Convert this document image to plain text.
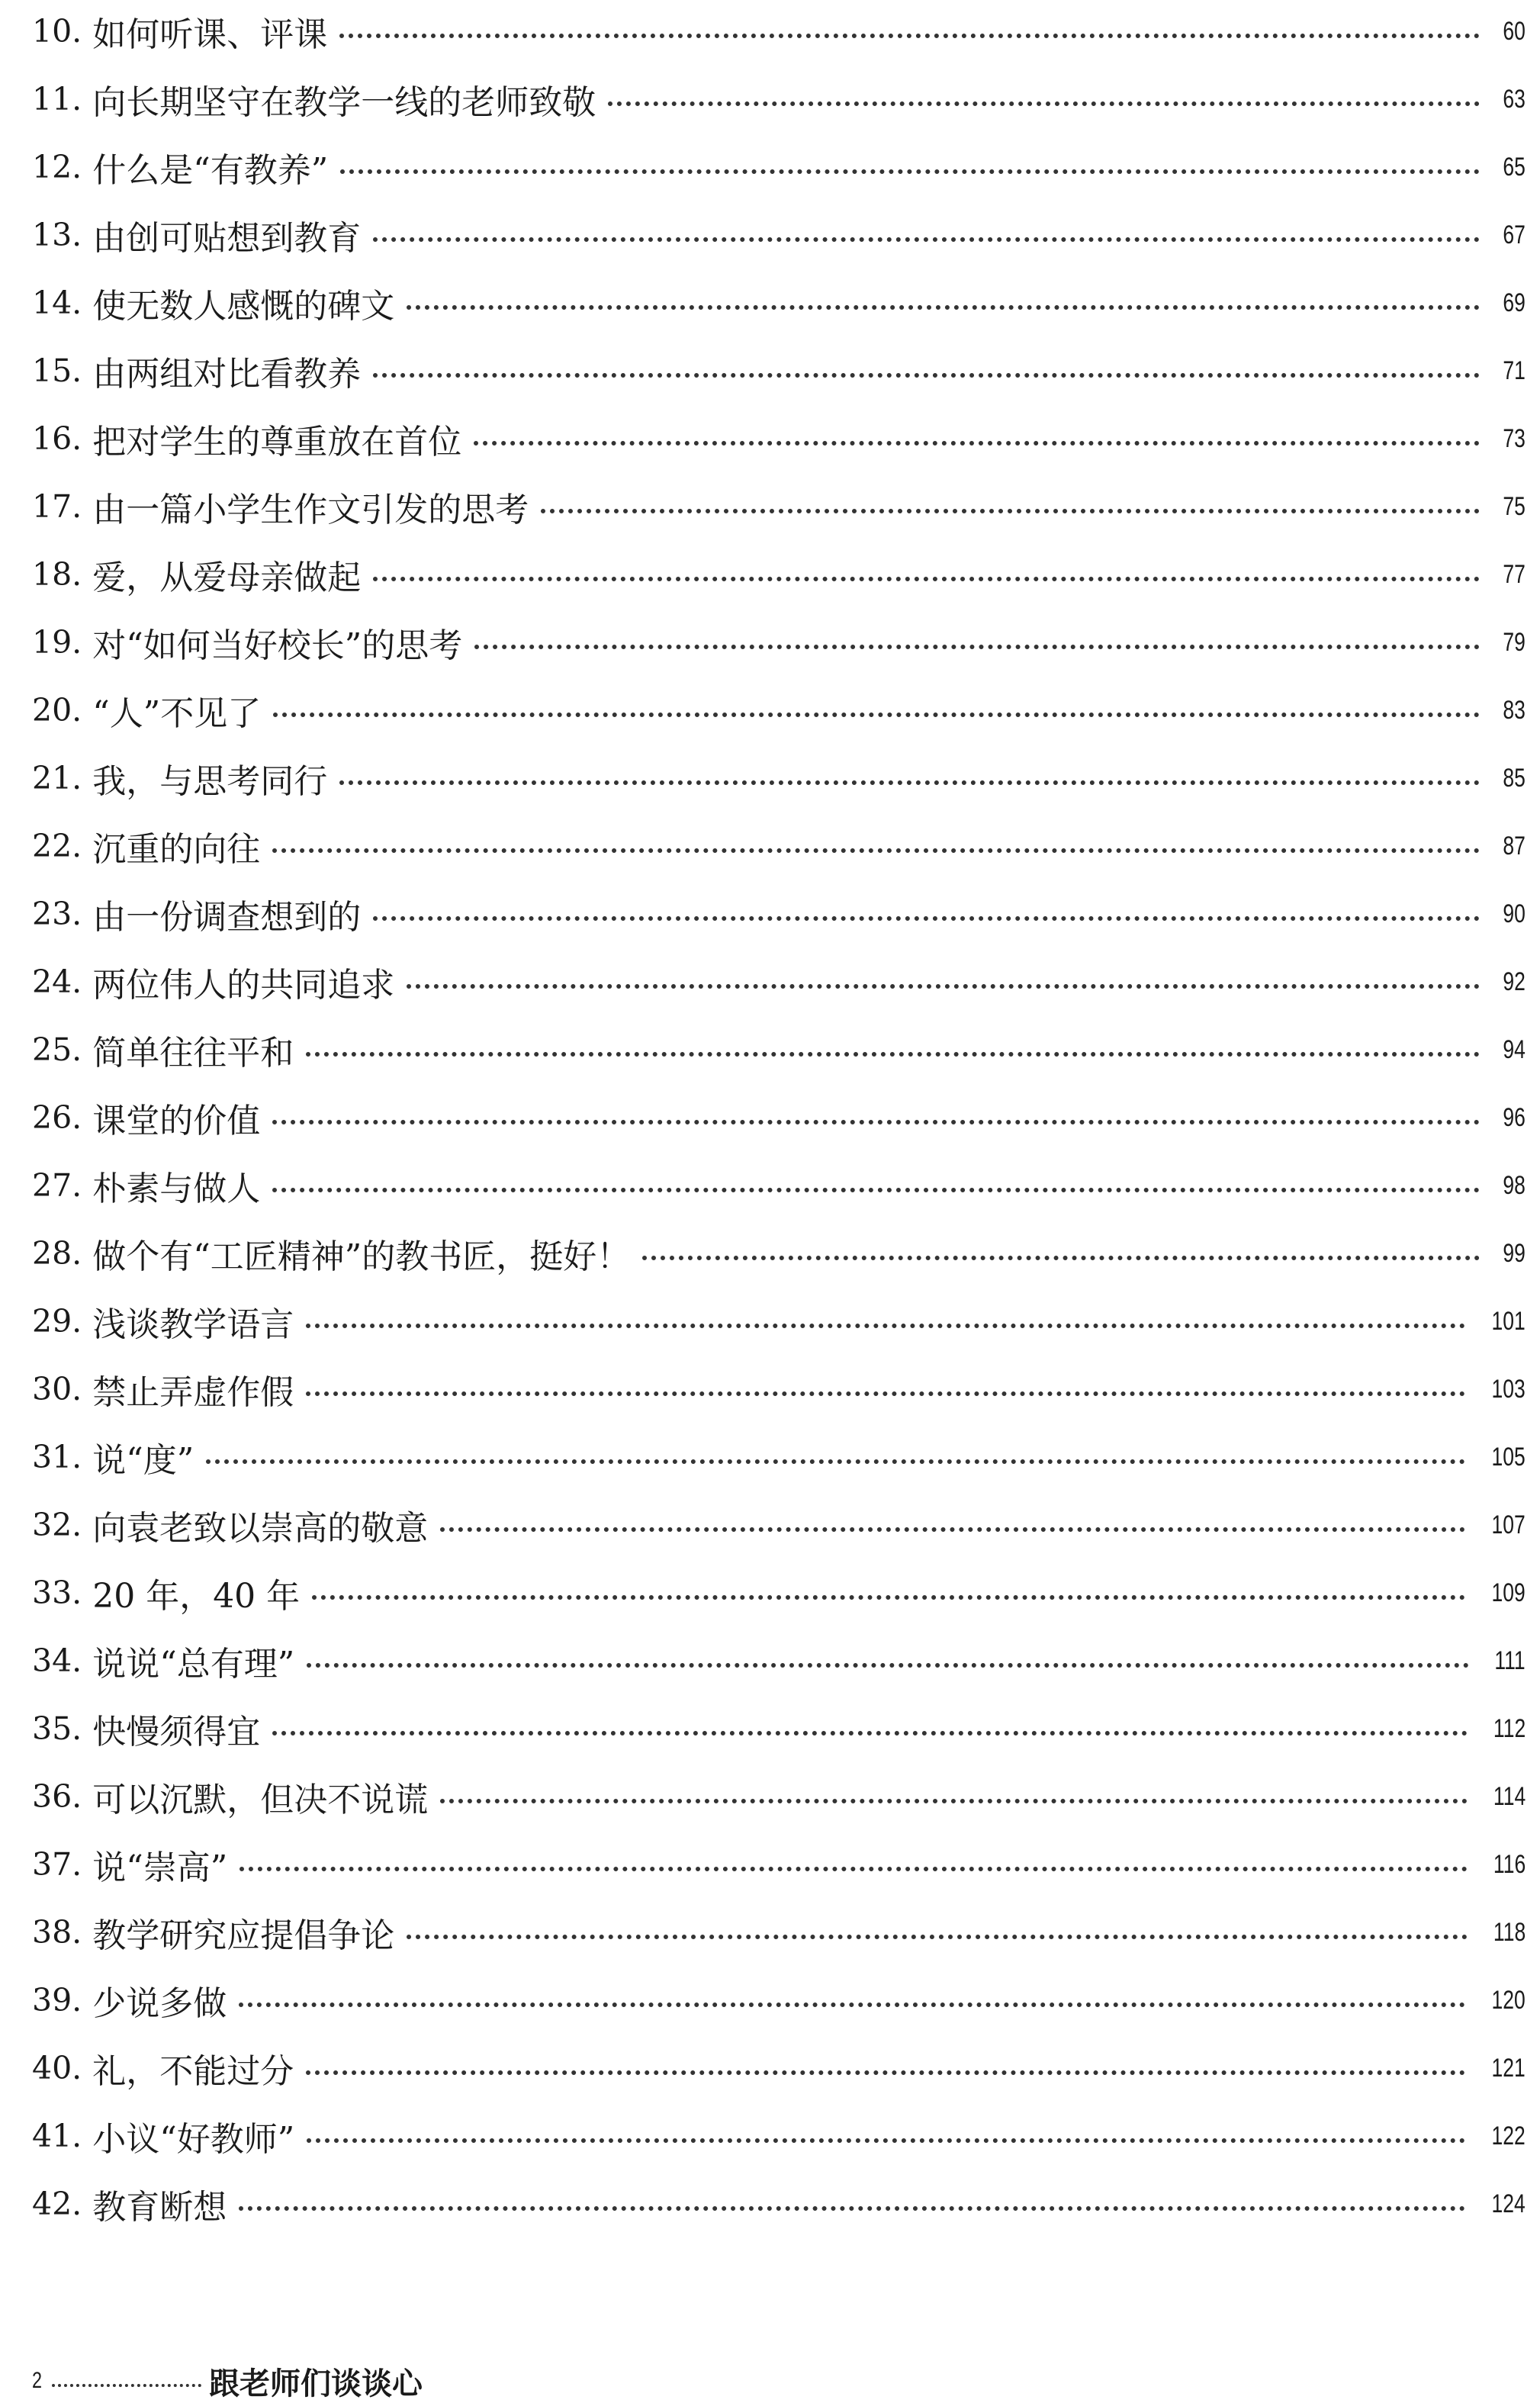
10. 如何听课、评课	60
11. 向长期坚守在教学一线的老师致敬	63
12. 什么是“有教养”	65
13. 由创可贴想到教育	67
14. 使无数人感慨的碑文	69
15. 由两组对比看教养	71
16. 把对学生的尊重放在首位	73
17. 由一篇小学生作文引发的思考	75
18. 爱，从爱母亲做起	77
19. 对“如何当好校长”的思考	79
20. “人”不见了	83
21. 我，与思考同行	85
22. 沉重的向往	87
23. 由一份调查想到的	90
24. 两位伟人的共同追求	92
25. 简单往往平和	94
26. 课堂的价值	96
27. 朴素与做人	98
28. 做个有“工匠精神”的教书匠，挺好！	99
29. 浅谈教学语言	101
30. 禁止弄虚作假	103
31. 说“度”	105
32. 向袁老致以崇高的敬意	107
33. 20 年，40 年	109
34. 说说“总有理”	111
35. 快慢须得宜	112
36. 可以沉默，但决不说谎	114
37. 说“崇高”	116
38. 教学研究应提倡争论	118
39. 少说多做	120
40. 礼，不能过分	121
41. 小议“好教师”	122
42. 教育断想	124
2	跟老师们谈谈心
